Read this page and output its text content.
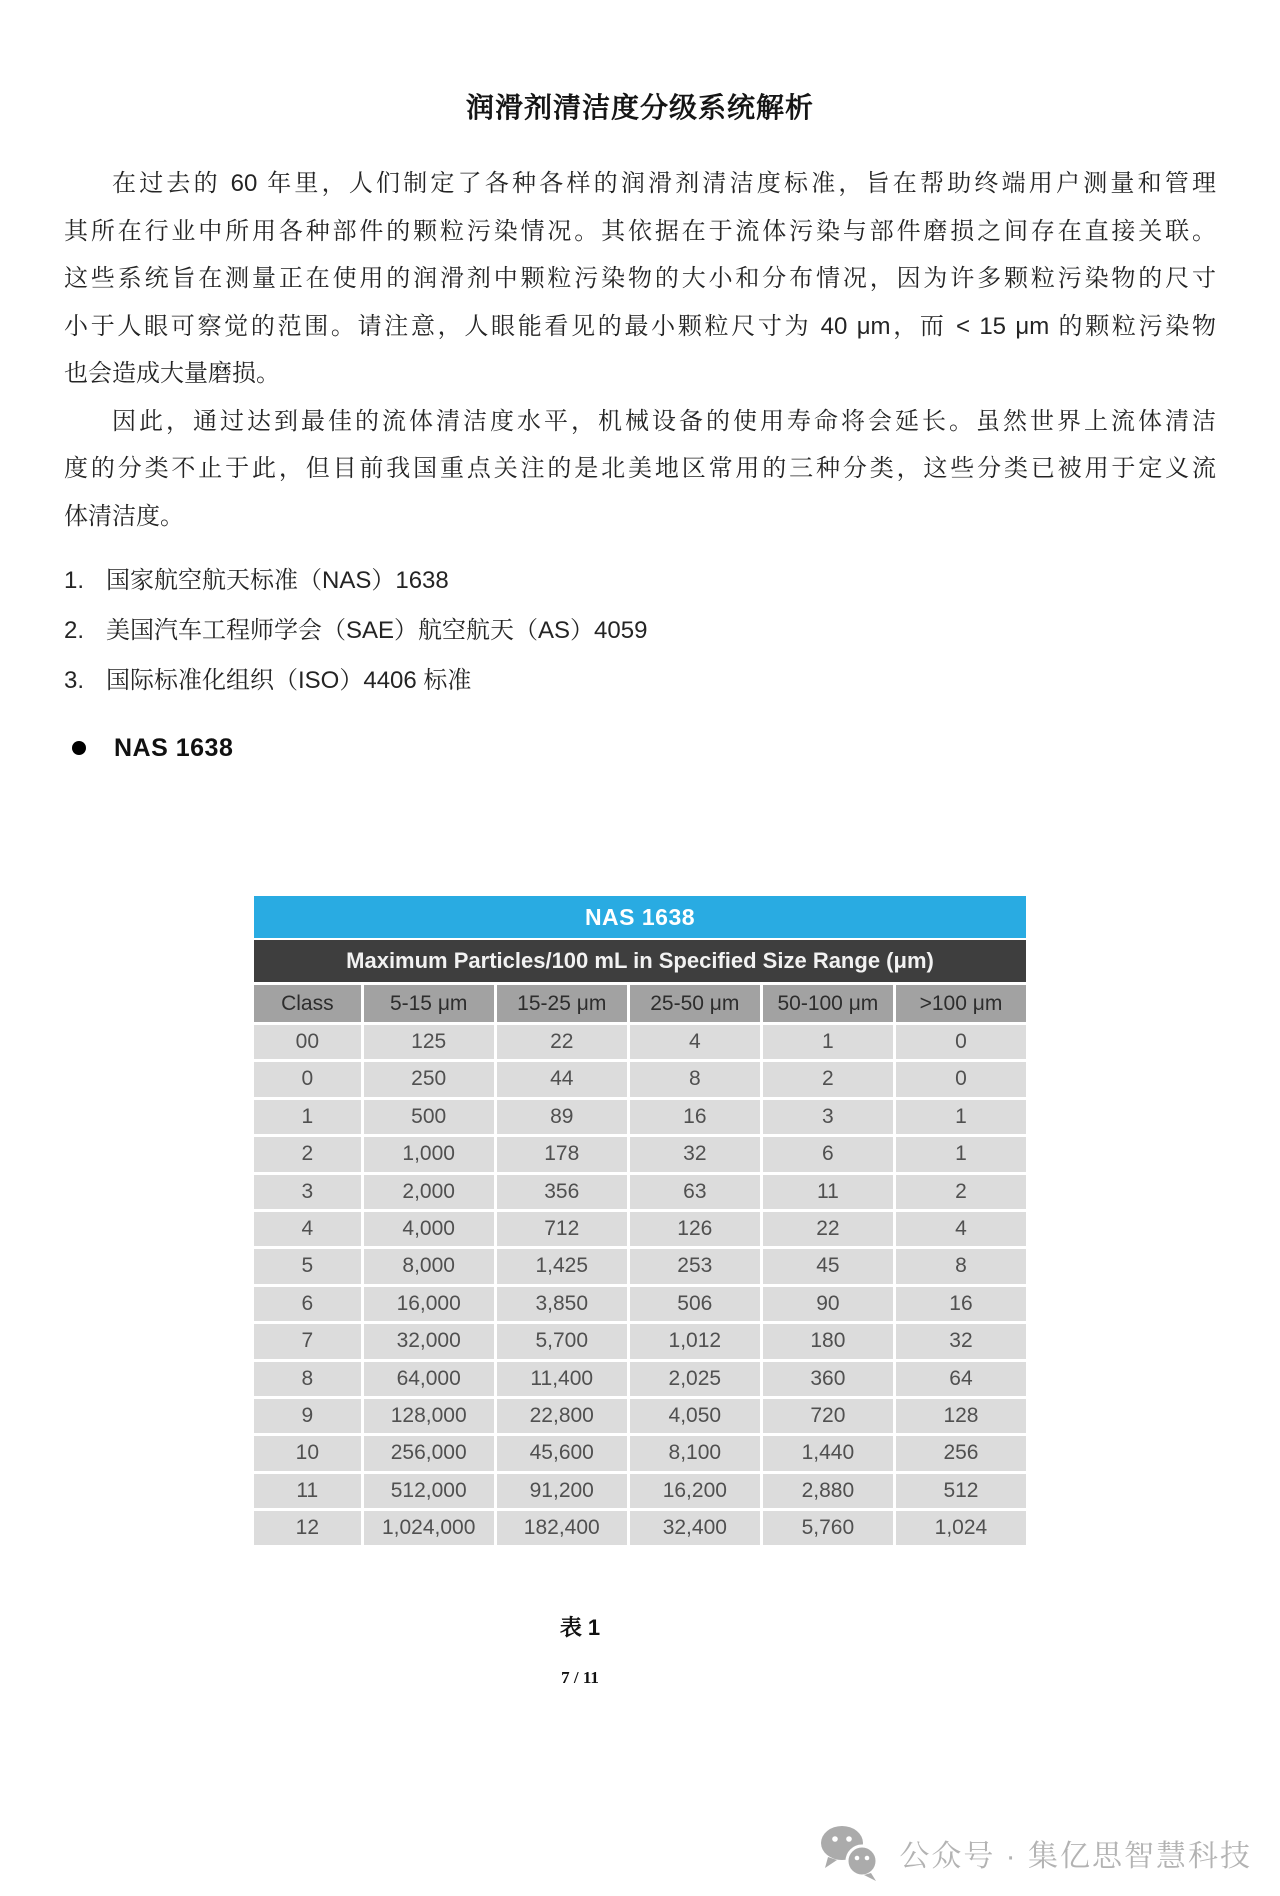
润滑剂清洁度分级系统解析
在过去的 60 年里，人们制定了各种各样的润滑剂清洁度标准，旨在帮助终端用户测量和管理
其所在行业中所用各种部件的颗粒污染情况。其依据在于流体污染与部件磨损之间存在直接关联。
这些系统旨在测量正在使用的润滑剂中颗粒污染物的大小和分布情况，因为许多颗粒污染物的尺寸
小于人眼可察觉的范围。请注意，人眼能看见的最小颗粒尺寸为 40 μm，而 < 15 μm 的颗粒污染物
也会造成大量磨损。
因此，通过达到最佳的流体清洁度水平，机械设备的使用寿命将会延长。虽然世界上流体清洁
度的分类不止于此，但目前我国重点关注的是北美地区常用的三种分类，这些分类已被用于定义流
体清洁度。
1. 国家航空航天标准（NAS）1638
2. 美国汽车工程师学会（SAE）航空航天（AS）4059
3. 国际标准化组织（ISO）4406 标准
NAS 1638
NAS 1638
Maximum Particles/100 mL in Specified Size Range (μm)
Class	5-15 μm	15-25 μm	25-50 μm	50-100 μm	>100 μm
00	125	22	4	1	0
0	250	44	8	2	0
1	500	89	16	3	1
2	1,000	178	32	6	1
3	2,000	356	63	11	2
4	4,000	712	126	22	4
5	8,000	1,425	253	45	8
6	16,000	3,850	506	90	16
7	32,000	5,700	1,012	180	32
8	64,000	11,400	2,025	360	64
9	128,000	22,800	4,050	720	128
10	256,000	45,600	8,100	1,440	256
11	512,000	91,200	16,200	2,880	512
12	1,024,000	182,400	32,400	5,760	1,024
表 1
7 / 11
公众号 · 集亿思智慧科技
